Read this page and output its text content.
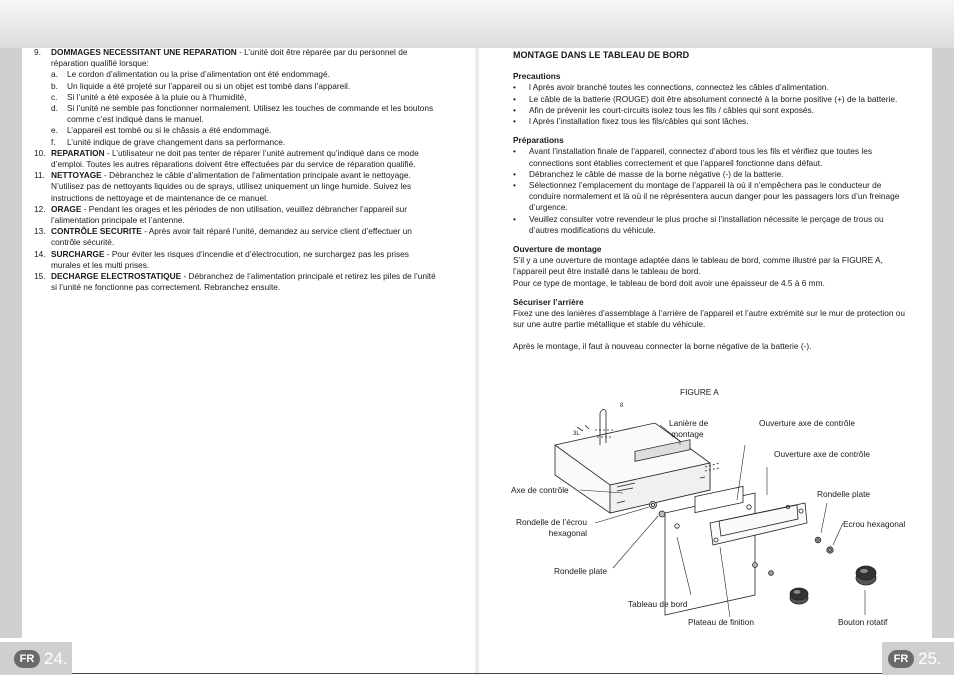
9.	DOMMAGES NECESSITANT UNE REPARATION - L’unité doit être réparée par du personnel de réparation qualifié lorsque:
a.	Le cordon d’alimentation ou la prise d’alimentation ont été endommagé.
b.	Un liquide a été projeté sur l’appareil ou si un objet est tombé dans l’appareil.
c.	Si l’unité a été exposée à la pluie ou à l’humidité,
d.	Si l’unité ne semble pas fonctionner normalement. Utilisez les touches de commande et les boutons comme c’est indiqué dans le manuel.
e.	L’appareil est tombé ou si le châssis a été endommagé.
f.	L’unité indique de grave changement dans sa performance.
10. REPARATION - L’utilisateur ne doit pas tenter de réparer l’unité autrement qu’indiqué dans ce mode d’emploi. Toutes les autres réparations doivent être effectuées par du service de réparation qualifié.
11. NETTOYAGE - Débranchez le câble d’alimentation de l’alimentation principale avant le nettoyage. N’utilisez pas de nettoyants liquides ou de sprays, utilisez uniquement un linge humide. Suivez les instructions de nettoyage et de maintenance de ce manuel.
12. ORAGE - Pendant les orages et les périodes de non utilisation, veuillez débrancher l’appareil sur l’alimentation principale et l’antenne.
13. CONTRÔLE SECURITE - Après avoir fait réparé l’unité, demandez au service client d’effectuer un contrôle sécurité.
14. SURCHARGE - Pour éviter les risques d’incendie et d’électrocution, ne surchargez pas les prises murales et les multi prises.
15. DECHARGE ELECTROSTATIQUE - Débranchez de l’alimentation principale et retirez les piles de l’unité si l’unité ne fonctionne pas correctement. Rebranchez ensuite.
MONTAGE DANS LE TABLEAU DE BORD
Precautions
•	l Après avoir branché toutes les connections, connectez les câbles d’alimentation.
•	Le câble de la batterie (ROUGE) doit être absolument connecté à la borne positive (+) de la batterie.
•	Afin de prévenir les court-circuits isolez tous les fils / câbles qui sont exposés.
•	l Après l’installation fixez tous les fils/câbles qui sont lâches.
Préparations
•	Avant l’installation finale de l’appareil, connectez d’abord tous les fils et vérifiez que toutes les connections sont établies correctement et que l’appareil fonctionne dans défaut.
•	Débranchez le câble de masse de la borne négative (-) de la batterie.
•	Sélectionnez l’emplacement du montage de l’appareil là où il n’empêchera pas le conducteur de conduire normalement et là où il ne réprésentera aucun danger pour les passagers lors d’un freinage d’urgence.
•	Veuillez consulter votre revendeur le plus proche si l’installation nécessite le perçage de trous ou d’autres modifications du véhicule.
Ouverture de montage
S’il y a une ouverture de montage adaptée dans le tableau de bord, comme illustré par la FIGURE A, l’appareil peut être installé dans le tableau de bord.
Pour ce type de montage, le tableau de bord doit avoir une épaisseur de 4.5 à 6 mm.
Sécuriser l’arrière
Fixez une des lanières d’assemblage à l’arrière de l’appareil et l’autre extrémité sur le mur de protection ou sur une autre partie métallique et stable du véhicule.
Après le montage, il faut à nouveau connecter la borne négative de la batterie (-).
FIGURE A
8
3L
Lanière de
montage
Ouverture axe de contrôle
Ouverture axe de contrôle
Axe de contrôle	Rondelle plate
Rondelle de l’écrou
hexagonal
Ecrou hexagonal
Rondelle plate
Tableau de bord
Plateau de finition	Bouton rotatif
FR 24.	FR 25.
